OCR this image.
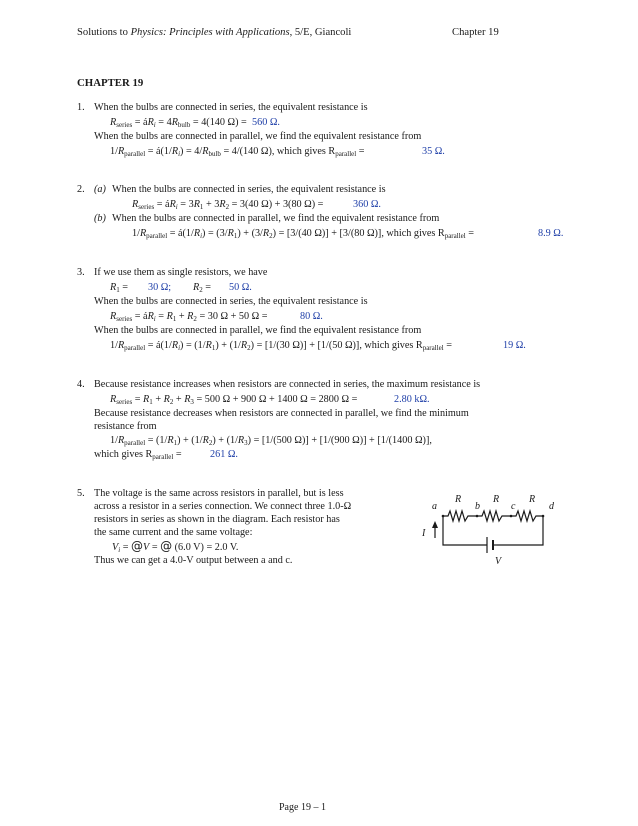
Solutions to Physics: Principles with Applications, 5/E, Giancoli	Chapter 19
CHAPTER 19
1. When the bulbs are connected in series, the equivalent resistance is
$R_{series}$ = $áR_i = 4R_{bulb} = 4(140$ Ω) = 560 Ω.
When the bulbs are connected in parallel, we find the equivalent resistance from
$1/R_{parallel}$ = $á(1/R_i) = 4/R_{bulb} = 4/(140$ Ω), which gives $R_{parallel}$ =	35 Ω.
2. (a) When the bulbs are connected in series, the equivalent resistance is
$R_{series}$ = $áR_i = 3R_1 + 3R_2 = 3(40$ Ω) + 3(80 Ω) =	360 Ω.
(b) When the bulbs are connected in parallel, we find the equivalent resistance from
$1/R_{parallel}$ = $á(1/R_i) = (3/R_1) + (3/R_2) = [3/(40$ Ω)] + [3/(80 Ω)], which gives $R_{parallel}$ =	8.9 Ω.
3. If we use them as single resistors, we have
$R_1 = 30$ Ω; $R_2 = 50$ Ω.
When the bulbs are connected in series, the equivalent resistance is
$R_{series}$ = $áR_i = R_1 + R_2 = 30$ Ω + 50 Ω =	80 Ω.
When the bulbs are connected in parallel, we find the equivalent resistance from
$1/R_{parallel}$ = $á(1/R_i) = (1/R_1) + (1/R_2) = [1/(30$ Ω)] + [1/(50 Ω)], which gives $R_{parallel}$ =	19 Ω.
4. Because resistance increases when resistors are connected in series, the maximum resistance is
$R_{series} = R_1 + R_2 + R_3 = 500$ Ω + 900 Ω + 1400 Ω = 2800 Ω =	2.80 kΩ.
Because resistance decreases when resistors are connected in parallel, we find the minimum
resistance from
$1/R_{parallel} = (1/R_1) + (1/R_2) + (1/R_3) = [1/(500$ Ω)] + [1/(900 Ω)] + [1/(1400 Ω)],
which gives $R_{parallel}$ =	261 Ω.
5. The voltage is the same across resistors in parallel, but is less
across a resistor in a series connection. We connect three 1.0-Ω
resistors in series as shown in the diagram. Each resistor has
the same current and the same voltage:
$V_i$ = @V = @ (6.0 V) = 2.0 V.
Thus we can get a 4.0-V output between a and c.
a
R
b
R
c
R
d
I
V
Page 19 – 1
